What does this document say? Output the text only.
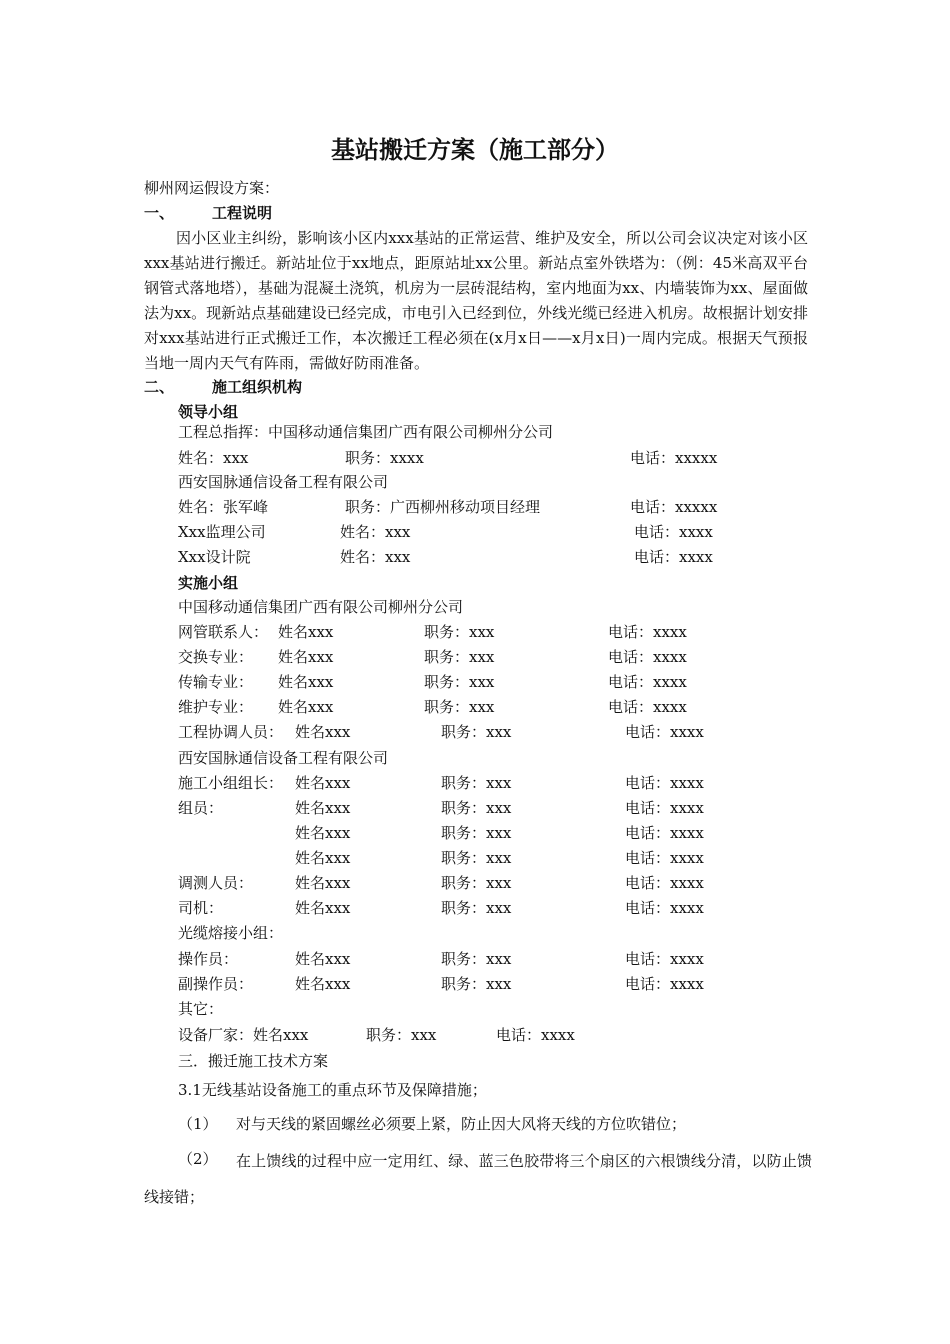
基站搬迁方案（施工部分）
柳州网运假设方案：
一、	工程说明
因小区业主纠纷，影响该小区内xxx基站的正常运营、维护及安全，所以公司会议决定对该小区xxx基站进行搬迁。新站址位于xx地点，距原站址xx公里。新站点室外铁塔为：（例：45米高双平台钢管式落地塔），基础为混凝土浇筑，机房为一层砖混结构，室内地面为xx、内墙装饰为xx、屋面做法为xx。现新站点基础建设已经完成，市电引入已经到位，外线光缆已经进入机房。故根据计划安排对xxx基站进行正式搬迁工作，本次搬迁工程必须在(x月x日——x月x日)一周内完成。根据天气预报当地一周内天气有阵雨，需做好防雨准备。
二、	施工组织机构
领导小组
工程总指挥：中国移动通信集团广西有限公司柳州分公司
姓名：xxx	职务：xxxx	电话：xxxxx
西安国脉通信设备工程有限公司
姓名：张军峰	职务：广西柳州移动项目经理	电话：xxxxx
Xxx监理公司	姓名：xxx	电话：xxxx
Xxx设计院	姓名：xxx	电话：xxxx
实施小组
中国移动通信集团广西有限公司柳州分公司
网管联系人： 姓名xxx	职务：xxx	电话：xxxx
交换专业： 姓名xxx	职务：xxx	电话：xxxx
传输专业： 姓名xxx	职务：xxx	电话：xxxx
维护专业： 姓名xxx	职务：xxx	电话：xxxx
工程协调人员： 姓名xxx	职务：xxx	电话：xxxx
西安国脉通信设备工程有限公司
施工小组组长： 姓名xxx	职务：xxx	电话：xxxx
组员：	姓名xxx	职务：xxx	电话：xxxx
姓名xxx	职务：xxx	电话：xxxx
姓名xxx	职务：xxx	电话：xxxx
调测人员：	姓名xxx	职务：xxx	电话：xxxx
司机：	姓名xxx	职务：xxx	电话：xxxx
光缆熔接小组：
操作员：	姓名xxx	职务：xxx	电话：xxxx
副操作员：	姓名xxx	职务：xxx	电话：xxxx
其它：
设备厂家：姓名xxx	职务：xxx	电话：xxxx
三．搬迁施工技术方案
3.1无线基站设备施工的重点环节及保障措施；
（1） 对与天线的紧固螺丝必须要上紧，防止因大风将天线的方位吹错位；
（2）	在上馈线的过程中应一定用红、绿、蓝三色胶带将三个扇区的六根馈线分清，以防止馈线接错；
